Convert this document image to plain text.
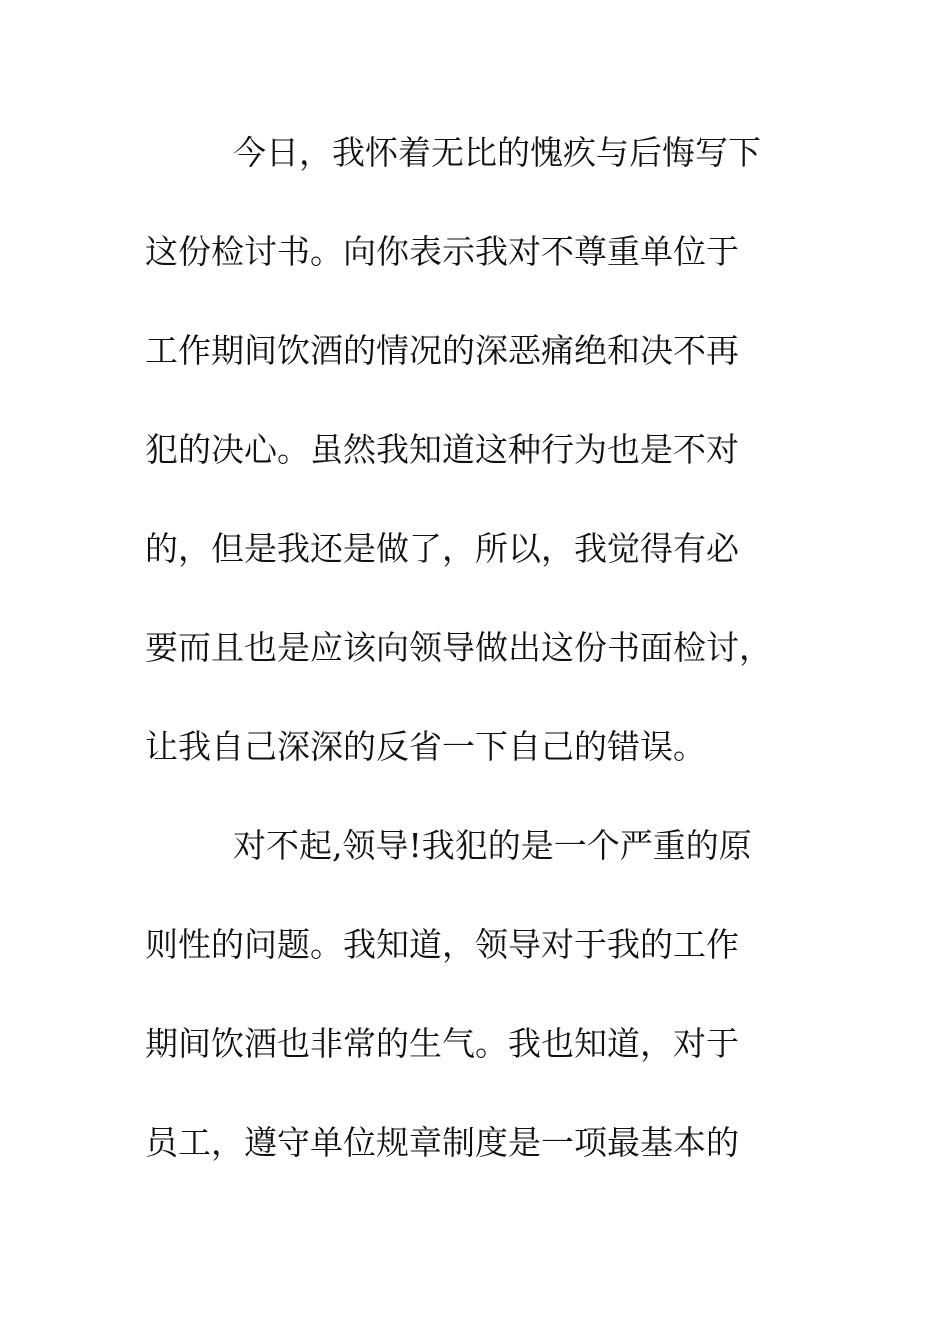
今日，我怀着无比的愧疚与后悔写下
这份检讨书。向你表示我对不尊重单位于
工作期间饮酒的情况的深恶痛绝和决不再
犯的决心。虽然我知道这种行为也是不对
的，但是我还是做了，所以，我觉得有必
要而且也是应该向领导做出这份书面检讨，
让我自己深深的反省一下自己的错误。
对不起,领导!我犯的是一个严重的原
则性的问题。我知道，领导对于我的工作
期间饮酒也非常的生气。我也知道，对于
员工，遵守单位规章制度是一项最基本的
